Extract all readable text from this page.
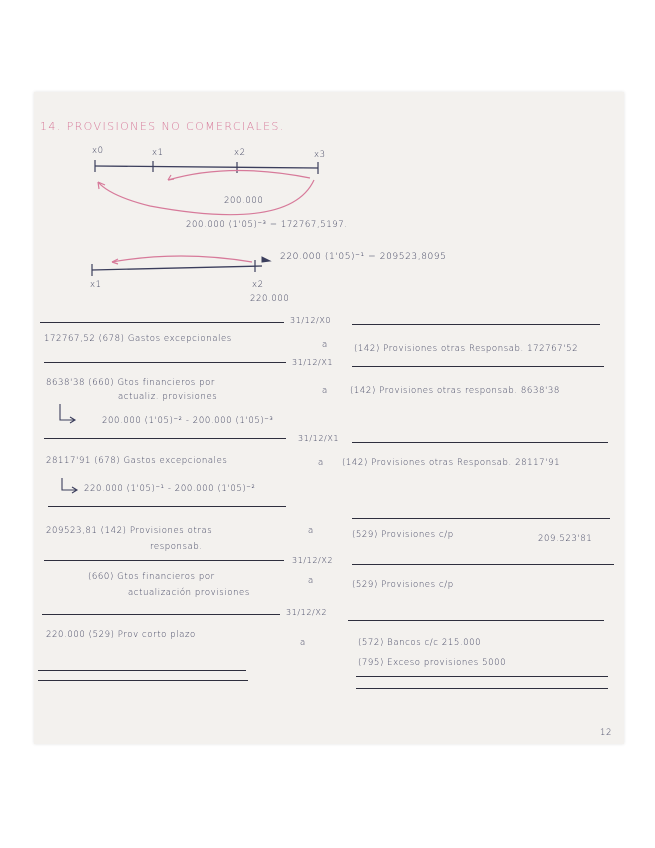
14. PROVISIONES NO COMERCIALES.
x0	x1	x2	x3
200.000
200.000 (1'05)⁻³ = 172767,5197.
220.000 (1'05)⁻¹ = 209523,8095
x1	x2
220.000
31/12/X0
172767,52 (678) Gastos excepcionales
a	(142) Provisiones otras Responsab. 172767'52
31/12/X1
8638'38 (660) Gtos financieros por
actualiz. provisiones
a	(142) Provisiones otras responsab. 8638'38
200.000 (1'05)⁻² - 200.000 (1'05)⁻³
31/12/X1
28117'91 (678) Gastos excepcionales	a (142) Provisiones otras Responsab. 28117'91
220.000 (1'05)⁻¹ - 200.000 (1'05)⁻²
209523,81 (142) Provisiones otras
responsab.
a	(529) Provisiones c/p	209.523'81
31/12/X2
(660) Gtos financieros por
actualización provisiones
a	(529) Provisiones c/p
31/12/X2
220.000 (529) Prov corto plazo
a	(572) Bancos c/c 215.000
(795) Exceso provisiones 5000
12
